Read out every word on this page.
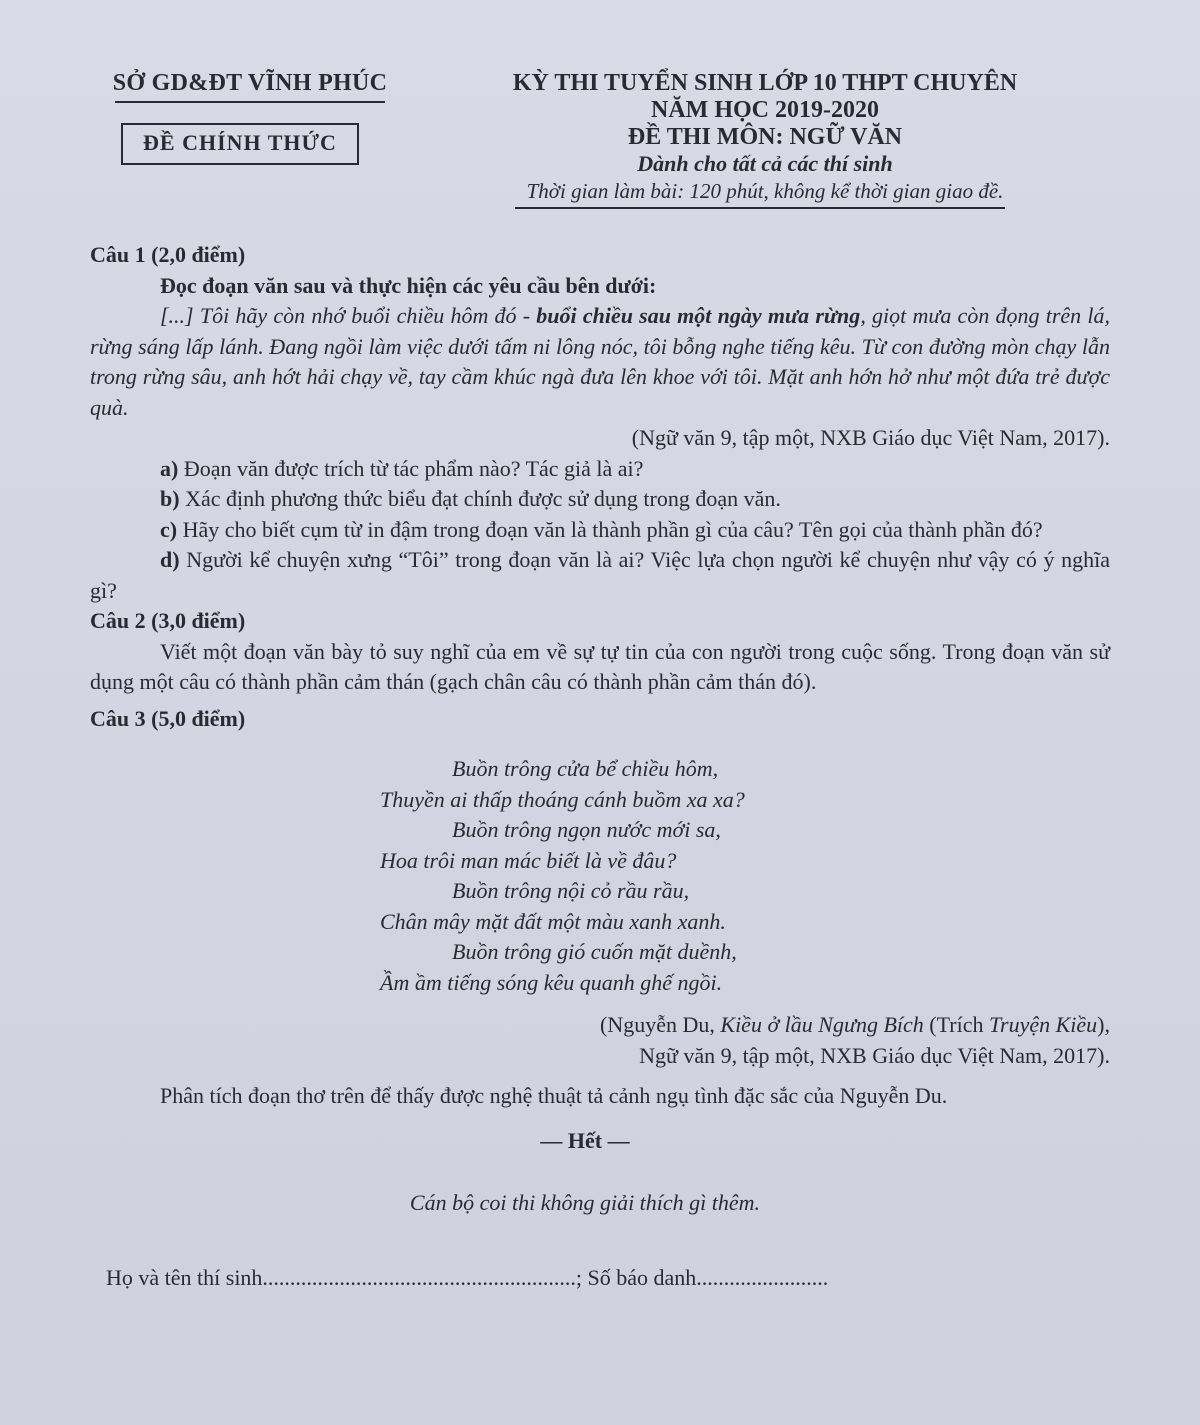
SỞ GD&ĐT VĨNH PHÚC
ĐỀ CHÍNH THỨC
KỲ THI TUYỂN SINH LỚP 10 THPT CHUYÊN
NĂM HỌC 2019-2020
ĐỀ THI MÔN: NGỮ VĂN
Dành cho tất cả các thí sinh
Thời gian làm bài: 120 phút, không kể thời gian giao đề.

Câu 1 (2,0 điểm)

Đọc đoạn văn sau và thực hiện các yêu cầu bên dưới:

[...] Tôi hãy còn nhớ buổi chiều hôm đó - buổi chiều sau một ngày mưa rừng, giọt mưa còn đọng trên lá, rừng sáng lấp lánh. Đang ngồi làm việc dưới tấm ni lông nóc, tôi bỗng nghe tiếng kêu. Từ con đường mòn chạy lẫn trong rừng sâu, anh hớt hải chạy về, tay cầm khúc ngà đưa lên khoe với tôi. Mặt anh hớn hở như một đứa trẻ được quà.

(Ngữ văn 9, tập một, NXB Giáo dục Việt Nam, 2017).

a) Đoạn văn được trích từ tác phẩm nào? Tác giả là ai?

b) Xác định phương thức biểu đạt chính được sử dụng trong đoạn văn.

c) Hãy cho biết cụm từ in đậm trong đoạn văn là thành phần gì của câu? Tên gọi của thành phần đó?

d) Người kể chuyện xưng “Tôi” trong đoạn văn là ai? Việc lựa chọn người kể chuyện như vậy có ý nghĩa gì?

Câu 2 (3,0 điểm)

Viết một đoạn văn bày tỏ suy nghĩ của em về sự tự tin của con người trong cuộc sống. Trong đoạn văn sử dụng một câu có thành phần cảm thán (gạch chân câu có thành phần cảm thán đó).

Câu 3 (5,0 điểm)

Buồn trông cửa bể chiều hôm,
Thuyền ai thấp thoáng cánh buồm xa xa?
Buồn trông ngọn nước mới sa,
Hoa trôi man mác biết là về đâu?
Buồn trông nội cỏ rầu rầu,
Chân mây mặt đất một màu xanh xanh.
Buồn trông gió cuốn mặt duềnh,
Ầm ầm tiếng sóng kêu quanh ghế ngồi.
(Nguyễn Du, Kiều ở lầu Ngưng Bích (Trích Truyện Kiều),
Ngữ văn 9, tập một, NXB Giáo dục Việt Nam, 2017).

Phân tích đoạn thơ trên để thấy được nghệ thuật tả cảnh ngụ tình đặc sắc của Nguyễn Du.

— Hết —

Cán bộ coi thi không giải thích gì thêm.

Họ và tên thí sinh.........................................................; Số báo danh........................
